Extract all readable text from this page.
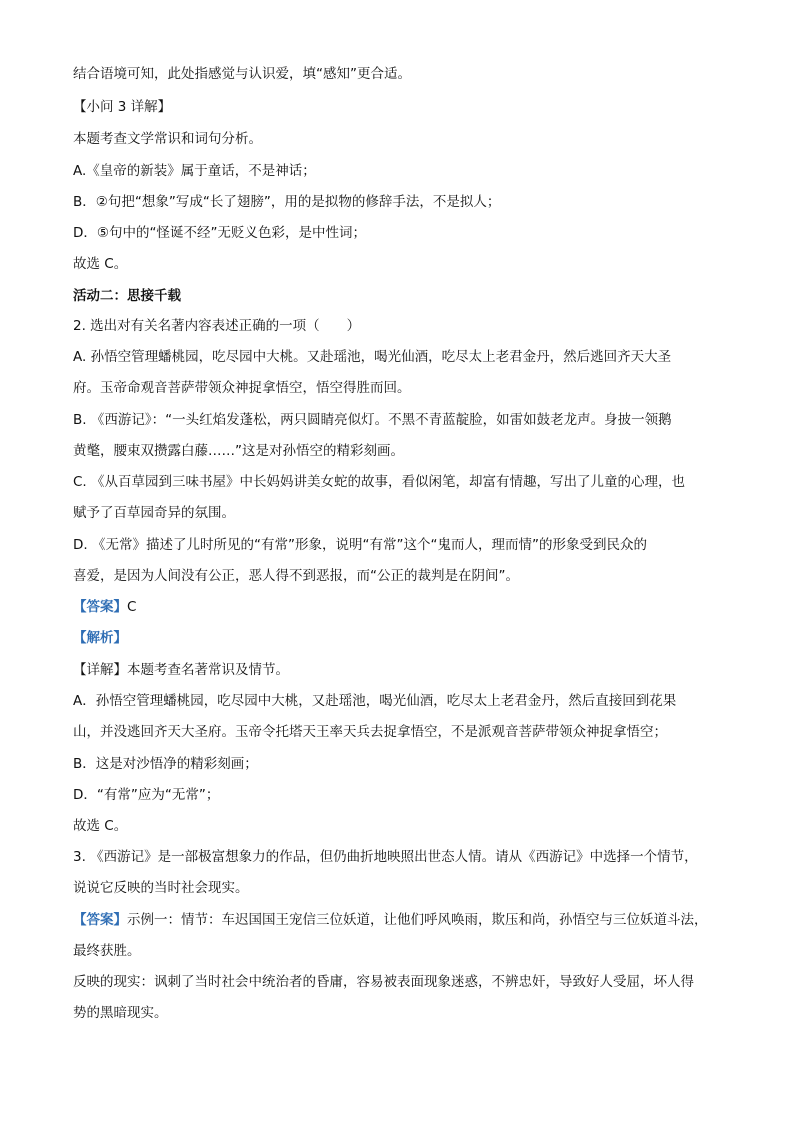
结合语境可知，此处指感觉与认识爱，填“感知”更合适。
【小问 3 详解】
本题考查文学常识和词句分析。
A.《皇帝的新装》属于童话，不是神话；
B．②句把“想象”写成“长了翅膀”，用的是拟物的修辞手法，不是拟人；
D．⑤句中的“怪诞不经”无贬义色彩，是中性词；
故选 C。
活动二：思接千载
2. 选出对有关名著内容表述正确的一项（　　）
A. 孙悟空管理蟠桃园，吃尽园中大桃。又赴瑶池，喝光仙酒，吃尽太上老君金丹，然后逃回齐天大圣
府。玉帝命观音菩萨带领众神捉拿悟空，悟空得胜而回。
B. 《西游记》：“一头红焰发蓬松，两只圆睛亮似灯。不黑不青蓝靛脸，如雷如鼓老龙声。身披一领鹅
黄氅，腰束双攒露白藤……”这是对孙悟空的精彩刻画。
C. 《从百草园到三味书屋》中长妈妈讲美女蛇的故事，看似闲笔，却富有情趣，写出了儿童的心理，也
赋予了百草园奇异的氛围。
D. 《无常》描述了儿时所见的“有常”形象，说明“有常”这个“鬼而人，理而情”的形象受到民众的
喜爱，是因为人间没有公正，恶人得不到恶报，而“公正的裁判是在阴间”。
【答案】C
【解析】
【详解】本题考查名著常识及情节。
A．孙悟空管理蟠桃园，吃尽园中大桃，又赴瑶池，喝光仙酒，吃尽太上老君金丹，然后直接回到花果
山，并没逃回齐天大圣府。玉帝令托塔天王率天兵去捉拿悟空，不是派观音菩萨带领众神捉拿悟空；
B．这是对沙悟净的精彩刻画；
D．“有常”应为“无常”；
故选 C。
3. 《西游记》是一部极富想象力的作品，但仍曲折地映照出世态人情。请从《西游记》中选择一个情节，
说说它反映的当时社会现实。
【答案】示例一：情节：车迟国国王宠信三位妖道，让他们呼风唤雨，欺压和尚，孙悟空与三位妖道斗法，
最终获胜。
反映的现实：讽刺了当时社会中统治者的昏庸，容易被表面现象迷惑，不辨忠奸，导致好人受屈，坏人得
势的黑暗现实。
